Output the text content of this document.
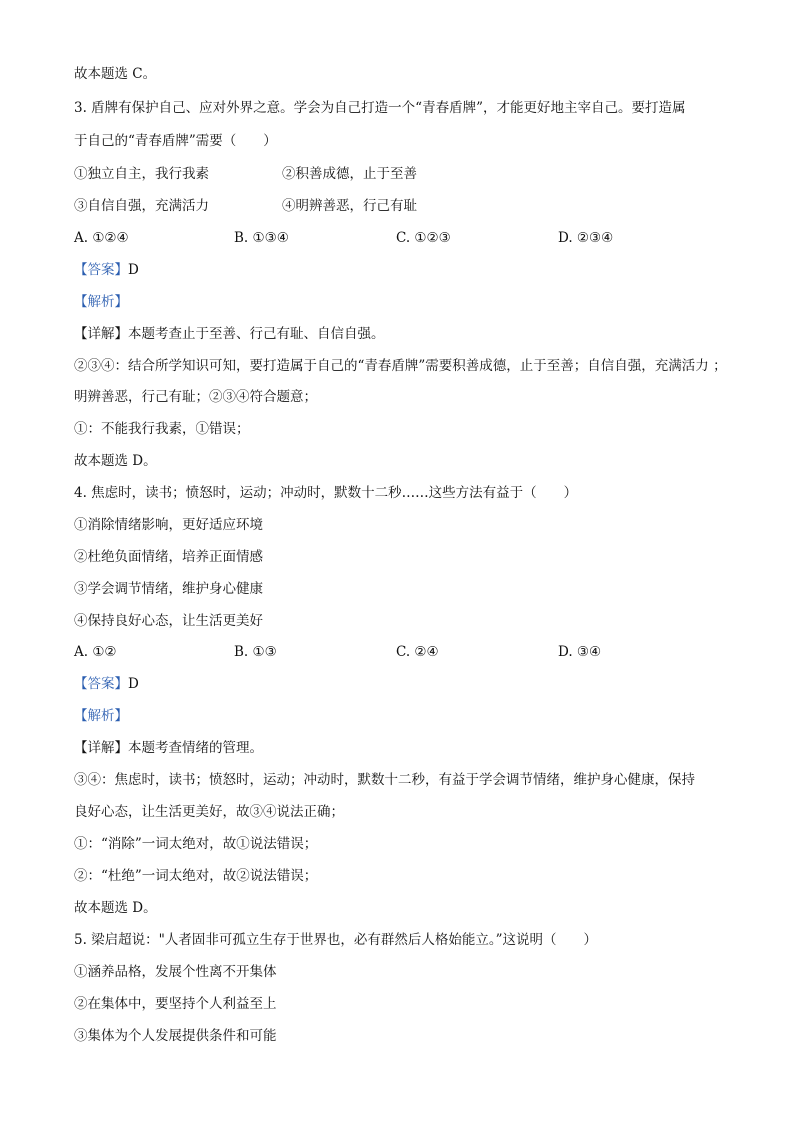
故本题选 C。
3. 盾牌有保护自己、应对外界之意。学会为自己打造一个“青春盾牌”，才能更好地主宰自己。要打造属
于自己的“青春盾牌”需要（　　）
①独立自主，我行我素	②积善成德，止于至善
③自信自强，充满活力	④明辨善恶，行己有耻
A. ①②④	B. ①③④	C. ①②③	D. ②③④
【答案】D
【解析】
【详解】本题考查止于至善、行己有耻、自信自强。
②③④：结合所学知识可知，要打造属于自己的“青春盾牌”需要积善成德，止于至善；自信自强，充满活力 ；
明辨善恶，行己有耻；②③④符合题意；
①：不能我行我素，①错误；
故本题选 D。
4. 焦虑时，读书；愤怒时，运动；冲动时，默数十二秒……这些方法有益于（　　）
①消除情绪影响，更好适应环境
②杜绝负面情绪，培养正面情感
③学会调节情绪，维护身心健康
④保持良好心态，让生活更美好
A. ①②	B. ①③	C. ②④	D. ③④
【答案】D
【解析】
【详解】本题考查情绪的管理。
③④：焦虑时，读书；愤怒时，运动；冲动时，默数十二秒，有益于学会调节情绪，维护身心健康，保持
良好心态，让生活更美好，故③④说法正确；
①：“消除”一词太绝对，故①说法错误；
②：“杜绝”一词太绝对，故②说法错误；
故本题选 D。
5. 梁启超说："人者固非可孤立生存于世界也，必有群然后人格始能立。”这说明（　　）
①涵养品格，发展个性离不开集体
②在集体中，要坚持个人利益至上
③集体为个人发展提供条件和可能
